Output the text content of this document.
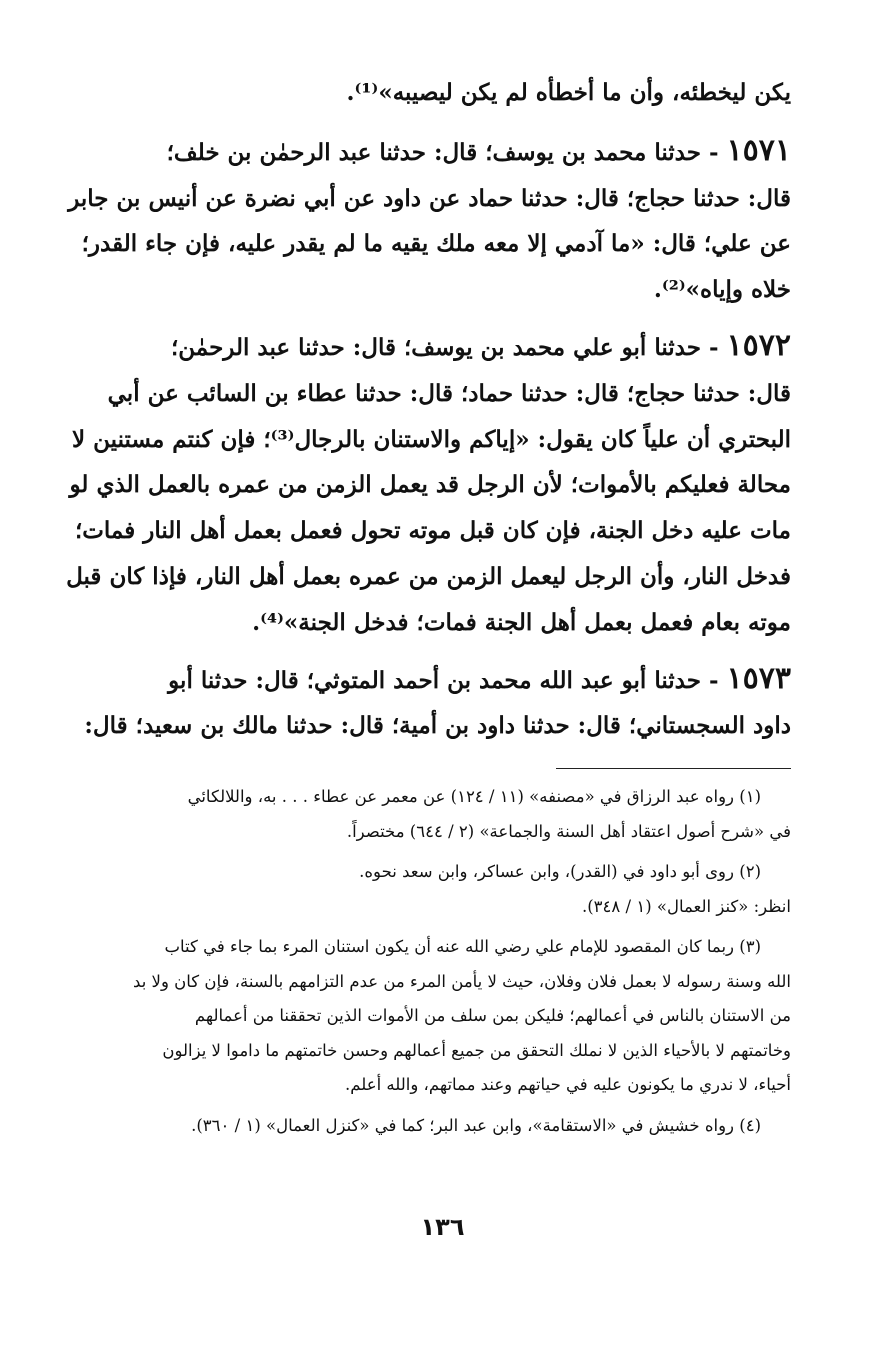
يكن ليخطئه، وأن ما أخطأه لم يكن ليصيبه»⁽¹⁾.

١٥٧١ - حدثنا محمد بن يوسف؛ قال: حدثنا عبد الرحمٰن بن خلف؛
قال: حدثنا حجاج؛ قال: حدثنا حماد عن داود عن أبي نضرة عن أنيس بن جابر
عن علي؛ قال: «ما آدمي إلا معه ملك يقيه ما لم يقدر عليه، فإن جاء القدر؛
خلاه وإياه»⁽²⁾.

١٥٧٢ - حدثنا أبو علي محمد بن يوسف؛ قال: حدثنا عبد الرحمٰن؛
قال: حدثنا حجاج؛ قال: حدثنا حماد؛ قال: حدثنا عطاء بن السائب عن أبي
البحتري أن علياً كان يقول: «إياكم والاستنان بالرجال⁽³⁾؛ فإن كنتم مستنين لا
محالة فعليكم بالأموات؛ لأن الرجل قد يعمل الزمن من عمره بالعمل الذي لو
مات عليه دخل الجنة، فإن كان قبل موته تحول فعمل بعمل أهل النار فمات؛
فدخل النار، وأن الرجل ليعمل الزمن من عمره بعمل أهل النار، فإذا كان قبل
موته بعام فعمل بعمل أهل الجنة فمات؛ فدخل الجنة»⁽⁴⁾.

١٥٧٣ - حدثنا أبو عبد الله محمد بن أحمد المتوثي؛ قال: حدثنا أبو
داود السجستاني؛ قال: حدثنا داود بن أمية؛ قال: حدثنا مالك بن سعيد؛ قال:

(١) رواه عبد الرزاق في «مصنفه» (١١ / ١٢٤) عن معمر عن عطاء . . . به، واللالكائي
في «شرح أصول اعتقاد أهل السنة والجماعة» (٢ / ٦٤٤) مختصراً.
(٢) روى أبو داود في (القدر)، وابن عساكر، وابن سعد نحوه.
انظر: «كنز العمال» (١ / ٣٤٨).
(٣) ربما كان المقصود للإمام علي رضي الله عنه أن يكون استنان المرء بما جاء في كتاب
الله وسنة رسوله لا بعمل فلان وفلان، حيث لا يأمن المرء من عدم التزامهم بالسنة، فإن كان ولا بد
من الاستنان بالناس في أعمالهم؛ فليكن بمن سلف من الأموات الذين تحققنا من أعمالهم
وخاتمتهم لا بالأحياء الذين لا نملك التحقق من جميع أعمالهم وحسن خاتمتهم ما داموا لا يزالون
أحياء، لا ندري ما يكونون عليه في حياتهم وعند مماتهم، والله أعلم.
(٤) رواه خشيش في «الاستقامة»، وابن عبد البر؛ كما في «كنزل العمال» (١ / ٣٦٠).
١٣٦
